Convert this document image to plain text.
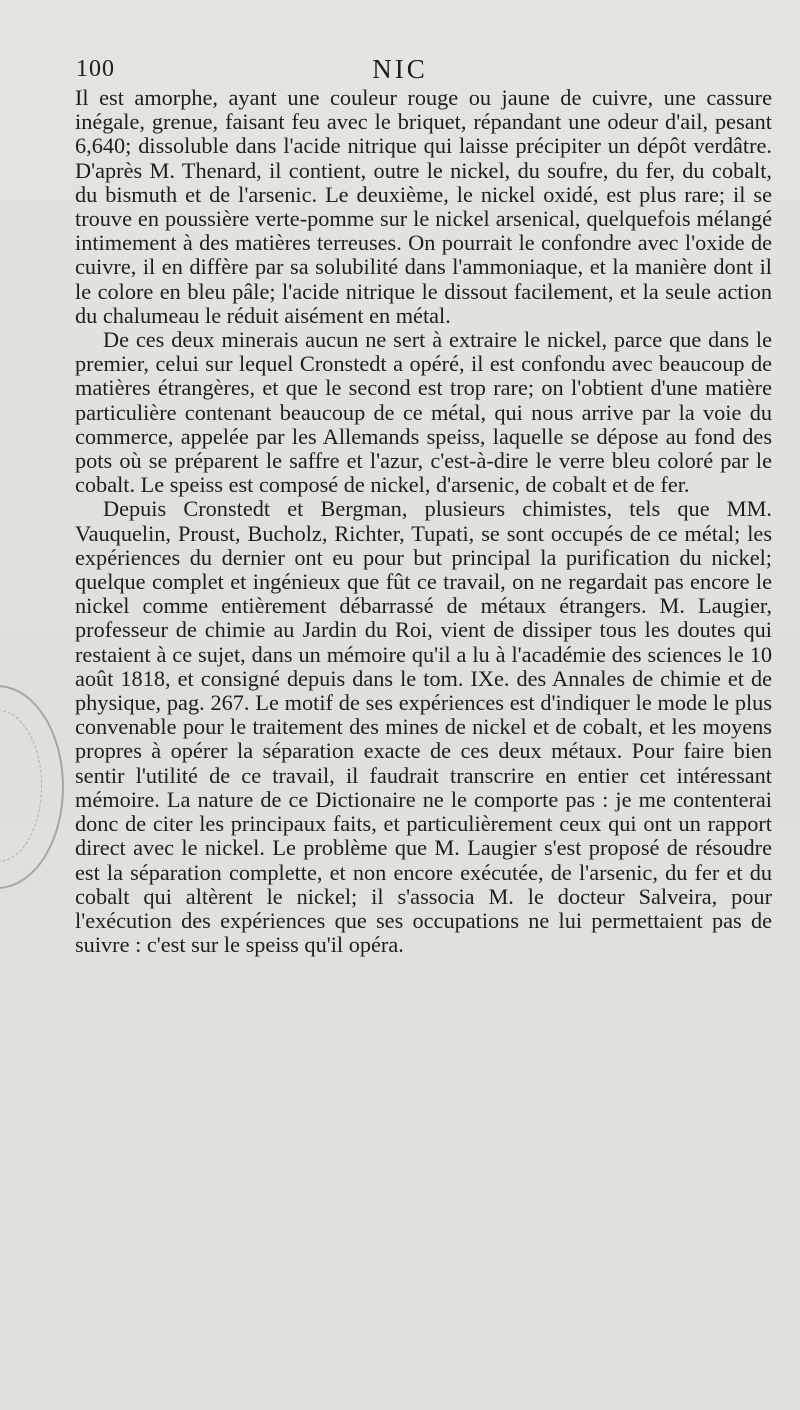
100	NIC

Il est amorphe, ayant une couleur rouge ou jaune de cuivre, une cassure inégale, grenue, faisant feu avec le briquet, répandant une odeur d'ail, pesant 6,640; dissoluble dans l'acide nitrique qui laisse précipiter un dépôt verdâtre. D'après M. Thenard, il contient, outre le nickel, du soufre, du fer, du cobalt, du bismuth et de l'arsenic. Le deuxième, le nickel oxidé, est plus rare; il se trouve en poussière verte-pomme sur le nickel arsenical, quelquefois mélangé intimement à des matières terreuses. On pourrait le confondre avec l'oxide de cuivre, il en diffère par sa solubilité dans l'ammoniaque, et la manière dont il le colore en bleu pâle; l'acide nitrique le dissout facilement, et la seule action du chalumeau le réduit aisément en métal.

De ces deux minerais aucun ne sert à extraire le nickel, parce que dans le premier, celui sur lequel Cronstedt a opéré, il est confondu avec beaucoup de matières étrangères, et que le second est trop rare; on l'obtient d'une matière particulière contenant beaucoup de ce métal, qui nous arrive par la voie du commerce, appelée par les Allemands speiss, laquelle se dépose au fond des pots où se préparent le saffre et l'azur, c'est-à-dire le verre bleu coloré par le cobalt. Le speiss est composé de nickel, d'arsenic, de cobalt et de fer.

Depuis Cronstedt et Bergman, plusieurs chimistes, tels que MM. Vauquelin, Proust, Bucholz, Richter, Tupati, se sont occupés de ce métal; les expériences du dernier ont eu pour but principal la purification du nickel; quelque complet et ingénieux que fût ce travail, on ne regardait pas encore le nickel comme entièrement débarrassé de métaux étrangers. M. Laugier, professeur de chimie au Jardin du Roi, vient de dissiper tous les doutes qui restaient à ce sujet, dans un mémoire qu'il a lu à l'académie des sciences le 10 août 1818, et consigné depuis dans le tom. IXe. des Annales de chimie et de physique, pag. 267. Le motif de ses expériences est d'indiquer le mode le plus convenable pour le traitement des mines de nickel et de cobalt, et les moyens propres à opérer la séparation exacte de ces deux métaux. Pour faire bien sentir l'utilité de ce travail, il faudrait transcrire en entier cet intéressant mémoire. La nature de ce Dictionaire ne le comporte pas : je me contenterai donc de citer les principaux faits, et particulièrement ceux qui ont un rapport direct avec le nickel. Le problème que M. Laugier s'est proposé de résoudre est la séparation complette, et non encore exécutée, de l'arsenic, du fer et du cobalt qui altèrent le nickel; il s'associa M. le docteur Salveira, pour l'exécution des expériences que ses occupations ne lui permettaient pas de suivre : c'est sur le speiss qu'il opéra.
